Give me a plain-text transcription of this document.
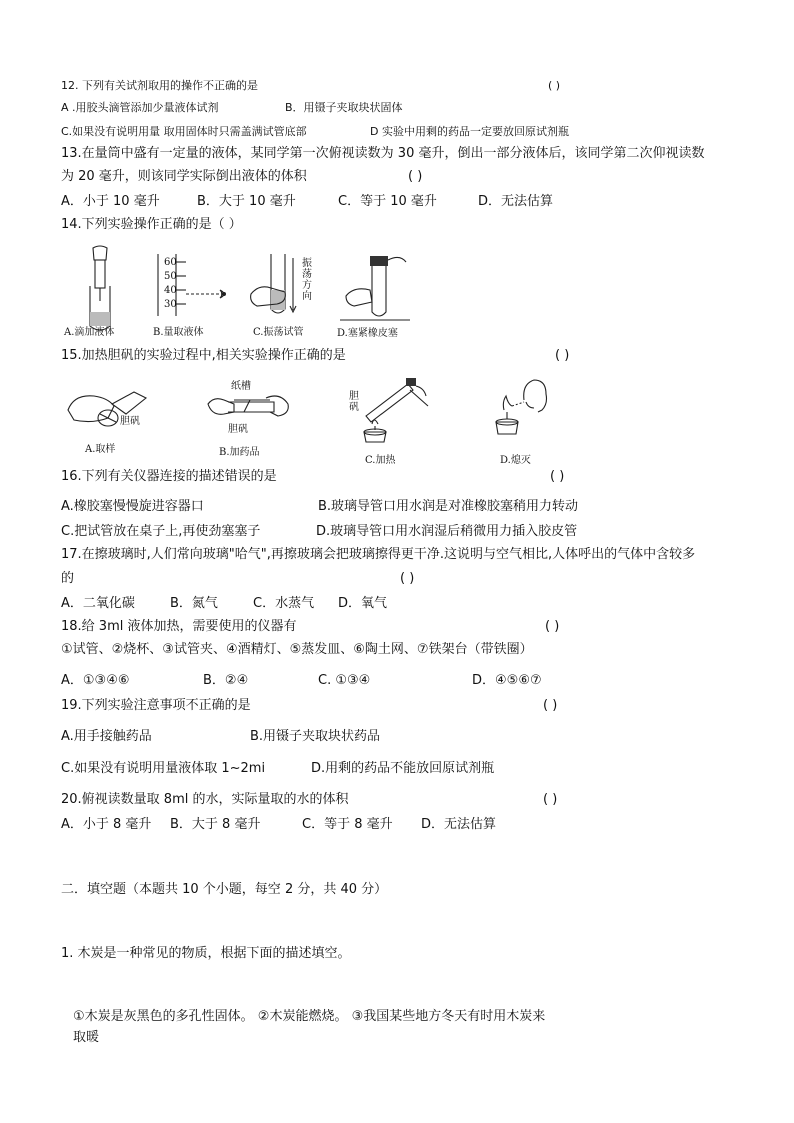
12. 下列有关试剂取用的操作不正确的是	( )
A .用胶头滴管添加少量液体试剂	B．用镊子夹取块状固体
C.如果没有说明用量 取用固体时只需盖满试管底部	D 实验中用剩的药品一定要放回原试剂瓶
13.在量筒中盛有一定量的液体，某同学第一次俯视读数为 30 毫升，倒出一部分液体后，该同学第二次仰视读数
为 20 毫升，则该同学实际倒出液体的体积	( )
A．小于 10 毫升	B．大于 10 毫升	C．等于 10 毫升	D．无法估算
14.下列实验操作正确的是（ ）
A.滴加液体
60
50
40
30
B.量取液体
振
荡
方
向
C.振荡试管	D.塞紧橡皮塞
15.加热胆矾的实验过程中,相关实验操作正确的是	( )
胆矾
A.取样
纸槽
胆矾
B.加药品
胆
矾
C.加热	D.熄灭
16.下列有关仪器连接的描述错误的是	( )
A.橡胶塞慢慢旋进容器口	B.玻璃导管口用水润是对准橡胶塞稍用力转动
C.把试管放在桌子上,再使劲塞塞子	D.玻璃导管口用水润湿后稍微用力插入胶皮管
17.在擦玻璃时,人们常向玻璃"哈气",再擦玻璃会把玻璃擦得更干净.这说明与空气相比,人体呼出的气体中含较多
的	( )
A．二氧化碳	B．氮气	C．水蒸气 D．氧气
18.给 3ml 液体加热，需要使用的仪器有	( )
①试管、②烧杯、③试管夹、④酒精灯、⑤蒸发皿、⑥陶土网、⑦铁架台（带铁圈）
A．①③④⑥	B．②④	C. ①③④	D．④⑤⑥⑦
19.下列实验注意事项不正确的是	( )
A.用手接触药品	B.用镊子夹取块状药品
C.如果没有说明用量液体取 1~2mi	D.用剩的药品不能放回原试剂瓶
20.俯视读数量取 8ml 的水，实际量取的水的体积	( )
A．小于 8 毫升 B．大于 8 毫升	C．等于 8 毫升 D．无法估算
二．填空题（本题共 10 个小题，每空 2 分，共 40 分）
1. 木炭是一种常见的物质，根据下面的描述填空。
①木炭是灰黑色的多孔性固体。 ②木炭能燃烧。 ③我国某些地方冬天有时用木炭来
取暖
